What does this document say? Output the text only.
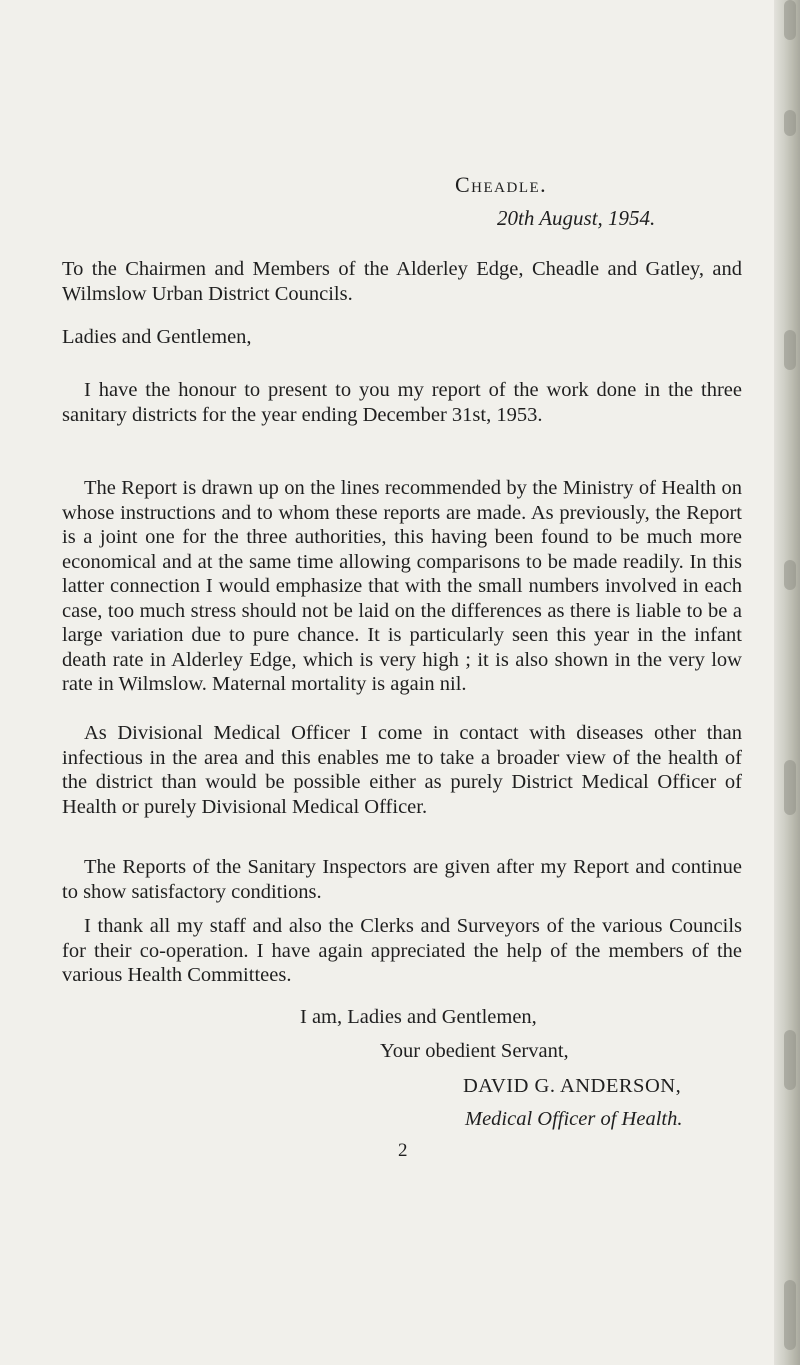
Cheadle.

20th August, 1954.

To the Chairmen and Members of the Alderley Edge, Cheadle and Gatley, and Wilmslow Urban District Councils.

Ladies and Gentlemen,

I have the honour to present to you my report of the work done in the three sanitary districts for the year ending December 31st, 1953.

The Report is drawn up on the lines recommended by the Ministry of Health on whose instructions and to whom these reports are made. As previously, the Report is a joint one for the three authorities, this having been found to be much more economical and at the same time allowing comparisons to be made readily. In this latter connection I would emphasize that with the small numbers involved in each case, too much stress should not be laid on the differences as there is liable to be a large variation due to pure chance. It is particularly seen this year in the infant death rate in Alderley Edge, which is very high ; it is also shown in the very low rate in Wilmslow. Maternal mortality is again nil.

As Divisional Medical Officer I come in contact with diseases other than infectious in the area and this enables me to take a broader view of the health of the district than would be possible either as purely District Medical Officer of Health or purely Divisional Medical Officer.

The Reports of the Sanitary Inspectors are given after my Report and continue to show satisfactory conditions.

I thank all my staff and also the Clerks and Surveyors of the various Councils for their co-operation. I have again appreciated the help of the members of the various Health Committees.

I am, Ladies and Gentlemen,

Your obedient Servant,

DAVID G. ANDERSON,

Medical Officer of Health.

2
